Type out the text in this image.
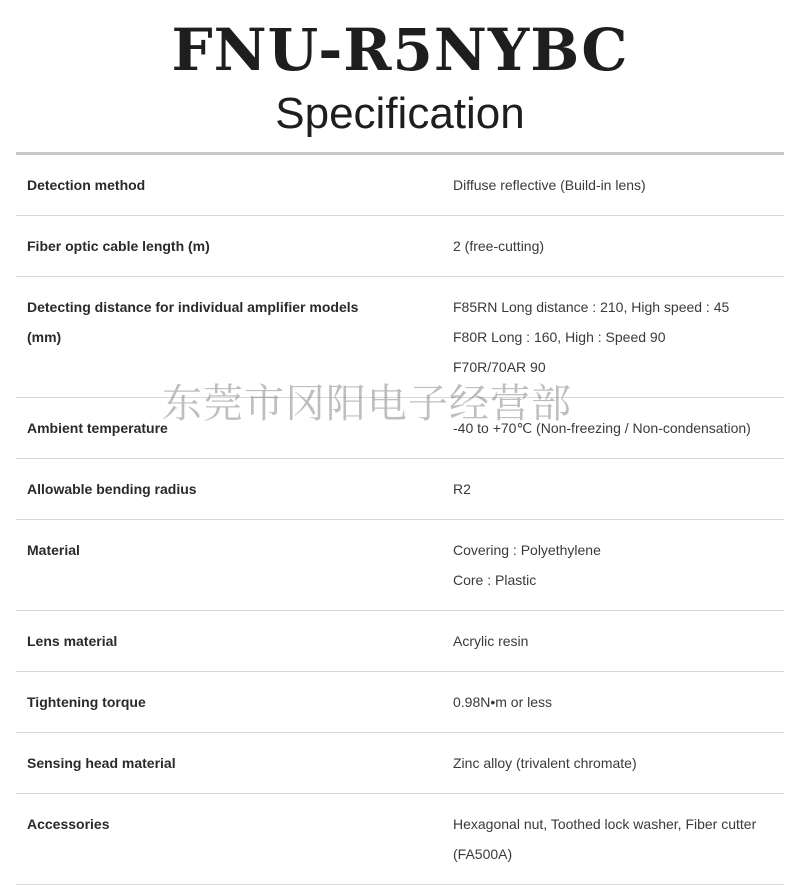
FNU-R5NYBC
Specification
Detection method	Diffuse reflective (Build-in lens)

Fiber optic cable length (m)	2 (free-cutting)

Detecting distance for individual amplifier models
(mm)	F85RN Long distance : 210, High speed : 45
F80R Long : 160, High : Speed 90
F70R/70AR 90

Ambient temperature	-40 to +70℃ (Non-freezing / Non-condensation)

Allowable bending radius	R2

Material	Covering : Polyethylene
Core : Plastic

Lens material	Acrylic resin

Tightening torque	0.98N•m or less

Sensing head material	Zinc alloy (trivalent chromate)

Accessories	Hexagonal nut, Toothed lock washer, Fiber cutter
(FA500A)
东莞市冈阳电子经营部
